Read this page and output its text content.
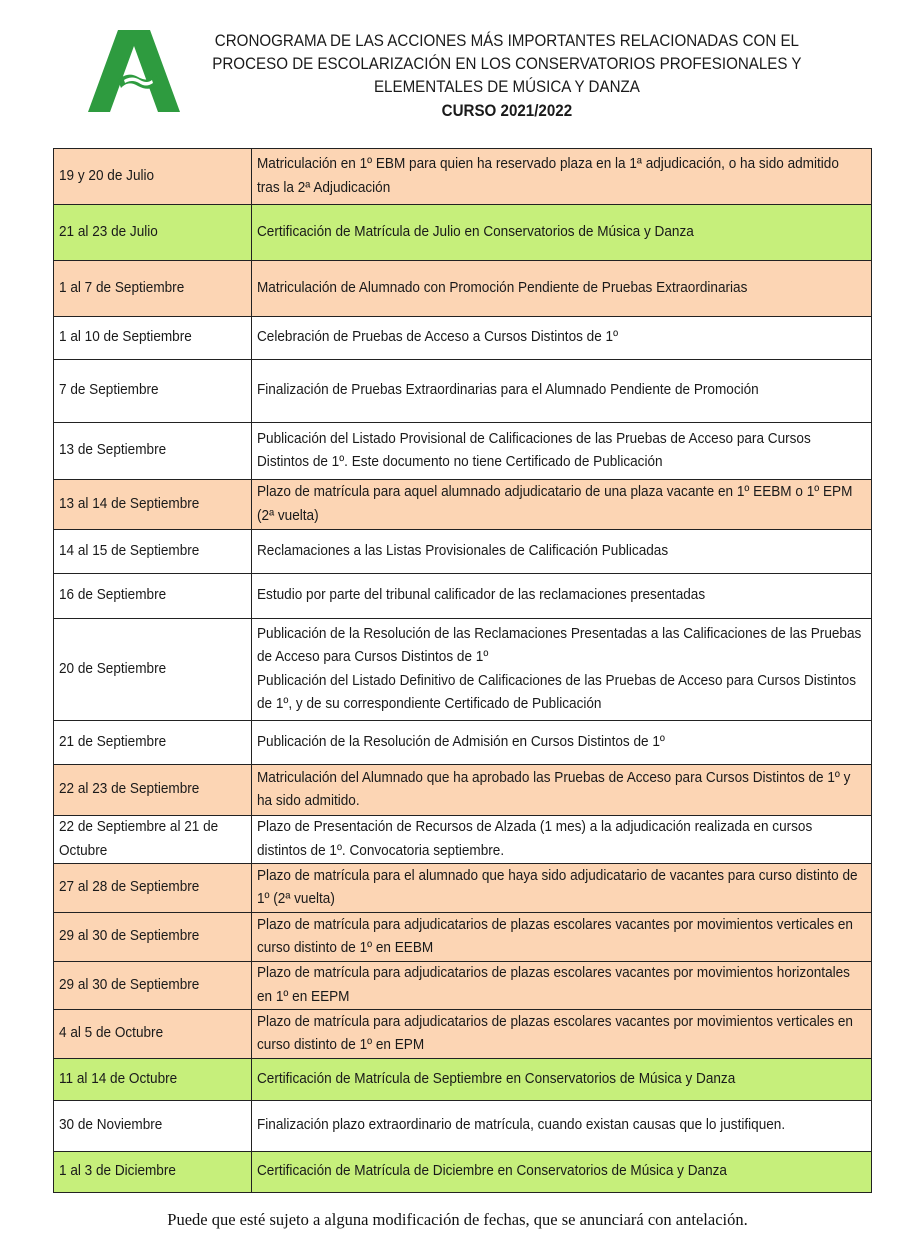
CRONOGRAMA DE LAS ACCIONES MÁS IMPORTANTES RELACIONADAS CON EL
PROCESO DE ESCOLARIZACIÓN EN LOS CONSERVATORIOS PROFESIONALES Y
ELEMENTALES DE MÚSICA Y DANZA
CURSO 2021/2022
19 y 20 de Julio	Matriculación en 1º EBM para quien ha reservado plaza en la 1ª adjudicación, o ha sido admitido tras la 2ª Adjudicación

21 al 23 de Julio	Certificación de Matrícula de Julio en Conservatorios de Música y Danza

1 al 7 de Septiembre	Matriculación de Alumnado con Promoción Pendiente de Pruebas Extraordinarias

1 al 10 de Septiembre	Celebración de Pruebas de Acceso a Cursos Distintos de 1º

7 de Septiembre	Finalización de Pruebas Extraordinarias para el Alumnado Pendiente de Promoción

13 de Septiembre	Publicación del Listado Provisional de Calificaciones de las Pruebas de Acceso para Cursos Distintos de 1º. Este documento no tiene Certificado de Publicación

13 al 14 de Septiembre	Plazo de matrícula para aquel alumnado adjudicatario de una plaza vacante en 1º EEBM o 1º EPM (2ª vuelta)

14 al 15 de Septiembre	Reclamaciones a las Listas Provisionales de Calificación Publicadas

16 de Septiembre	Estudio por parte del tribunal calificador de las reclamaciones presentadas

20 de Septiembre	Publicación de la Resolución de las Reclamaciones Presentadas a las Calificaciones de las Pruebas de Acceso para Cursos Distintos de 1º
Publicación del Listado Definitivo de Calificaciones de las Pruebas de Acceso para Cursos Distintos de 1º, y de su correspondiente Certificado de Publicación

21 de Septiembre	Publicación de la Resolución de Admisión en Cursos Distintos de 1º

22 al 23 de Septiembre	Matriculación del Alumnado que ha aprobado las Pruebas de Acceso para Cursos Distintos de 1º y ha sido admitido.

22 de Septiembre al 21 de Octubre	Plazo de Presentación de Recursos de Alzada (1 mes) a la adjudicación realizada en cursos distintos de 1º. Convocatoria septiembre.

27 al 28 de Septiembre	Plazo de matrícula para el alumnado que haya sido adjudicatario de vacantes para curso distinto de 1º (2ª vuelta)

29 al 30 de Septiembre	Plazo de matrícula para adjudicatarios de plazas escolares vacantes por movimientos verticales en curso distinto de 1º en EEBM

29 al 30 de Septiembre	Plazo de matrícula para adjudicatarios de plazas escolares vacantes por movimientos horizontales en 1º en EEPM

4 al 5 de Octubre	Plazo de matrícula para adjudicatarios de plazas escolares vacantes por movimientos verticales en curso distinto de 1º en EPM

11 al 14 de Octubre	Certificación de Matrícula de Septiembre en Conservatorios de Música y Danza

30 de Noviembre	Finalización plazo extraordinario de matrícula, cuando existan causas que lo justifiquen.

1 al 3 de Diciembre	Certificación de Matrícula de Diciembre en Conservatorios de Música y Danza
Puede que esté sujeto a alguna modificación de fechas, que se anunciará con antelación.
